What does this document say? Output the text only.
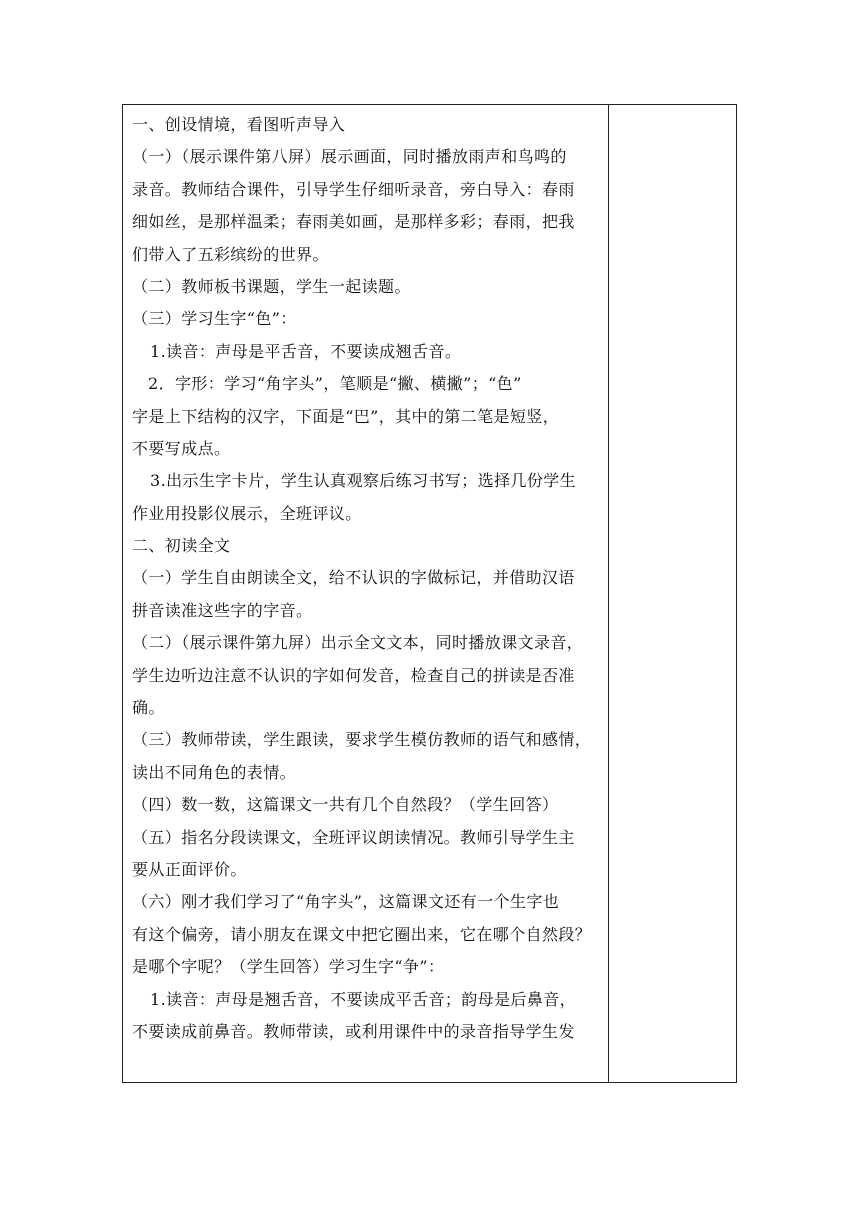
一、创设情境，看图听声导入
（一）（展示课件第八屏）展示画面，同时播放雨声和鸟鸣的
录音。教师结合课件，引导学生仔细听录音，旁白导入：春雨
细如丝，是那样温柔；春雨美如画，是那样多彩；春雨，把我
们带入了五彩缤纷的世界。
（二）教师板书课题，学生一起读题。
（三）学习生字“色”：
1.读音：声母是平舌音，不要读成翘舌音。
2．字形：学习“角字头”，笔顺是“撇、横撇”；“色”
字是上下结构的汉字，下面是“巴”，其中的第二笔是短竖，
不要写成点。
3.出示生字卡片，学生认真观察后练习书写；选择几份学生
作业用投影仪展示，全班评议。
二、初读全文
（一）学生自由朗读全文，给不认识的字做标记，并借助汉语
拼音读准这些字的字音。
（二）（展示课件第九屏）出示全文文本，同时播放课文录音，
学生边听边注意不认识的字如何发音，检查自己的拼读是否准
确。
（三）教师带读，学生跟读，要求学生模仿教师的语气和感情，
读出不同角色的表情。
（四）数一数，这篇课文一共有几个自然段？（学生回答）
（五）指名分段读课文，全班评议朗读情况。教师引导学生主
要从正面评价。
（六）刚才我们学习了“角字头”，这篇课文还有一个生字也
有这个偏旁，请小朋友在课文中把它圈出来，它在哪个自然段？
是哪个字呢？（学生回答）学习生字“争”：
1.读音：声母是翘舌音，不要读成平舌音；韵母是后鼻音，
不要读成前鼻音。教师带读，或利用课件中的录音指导学生发
